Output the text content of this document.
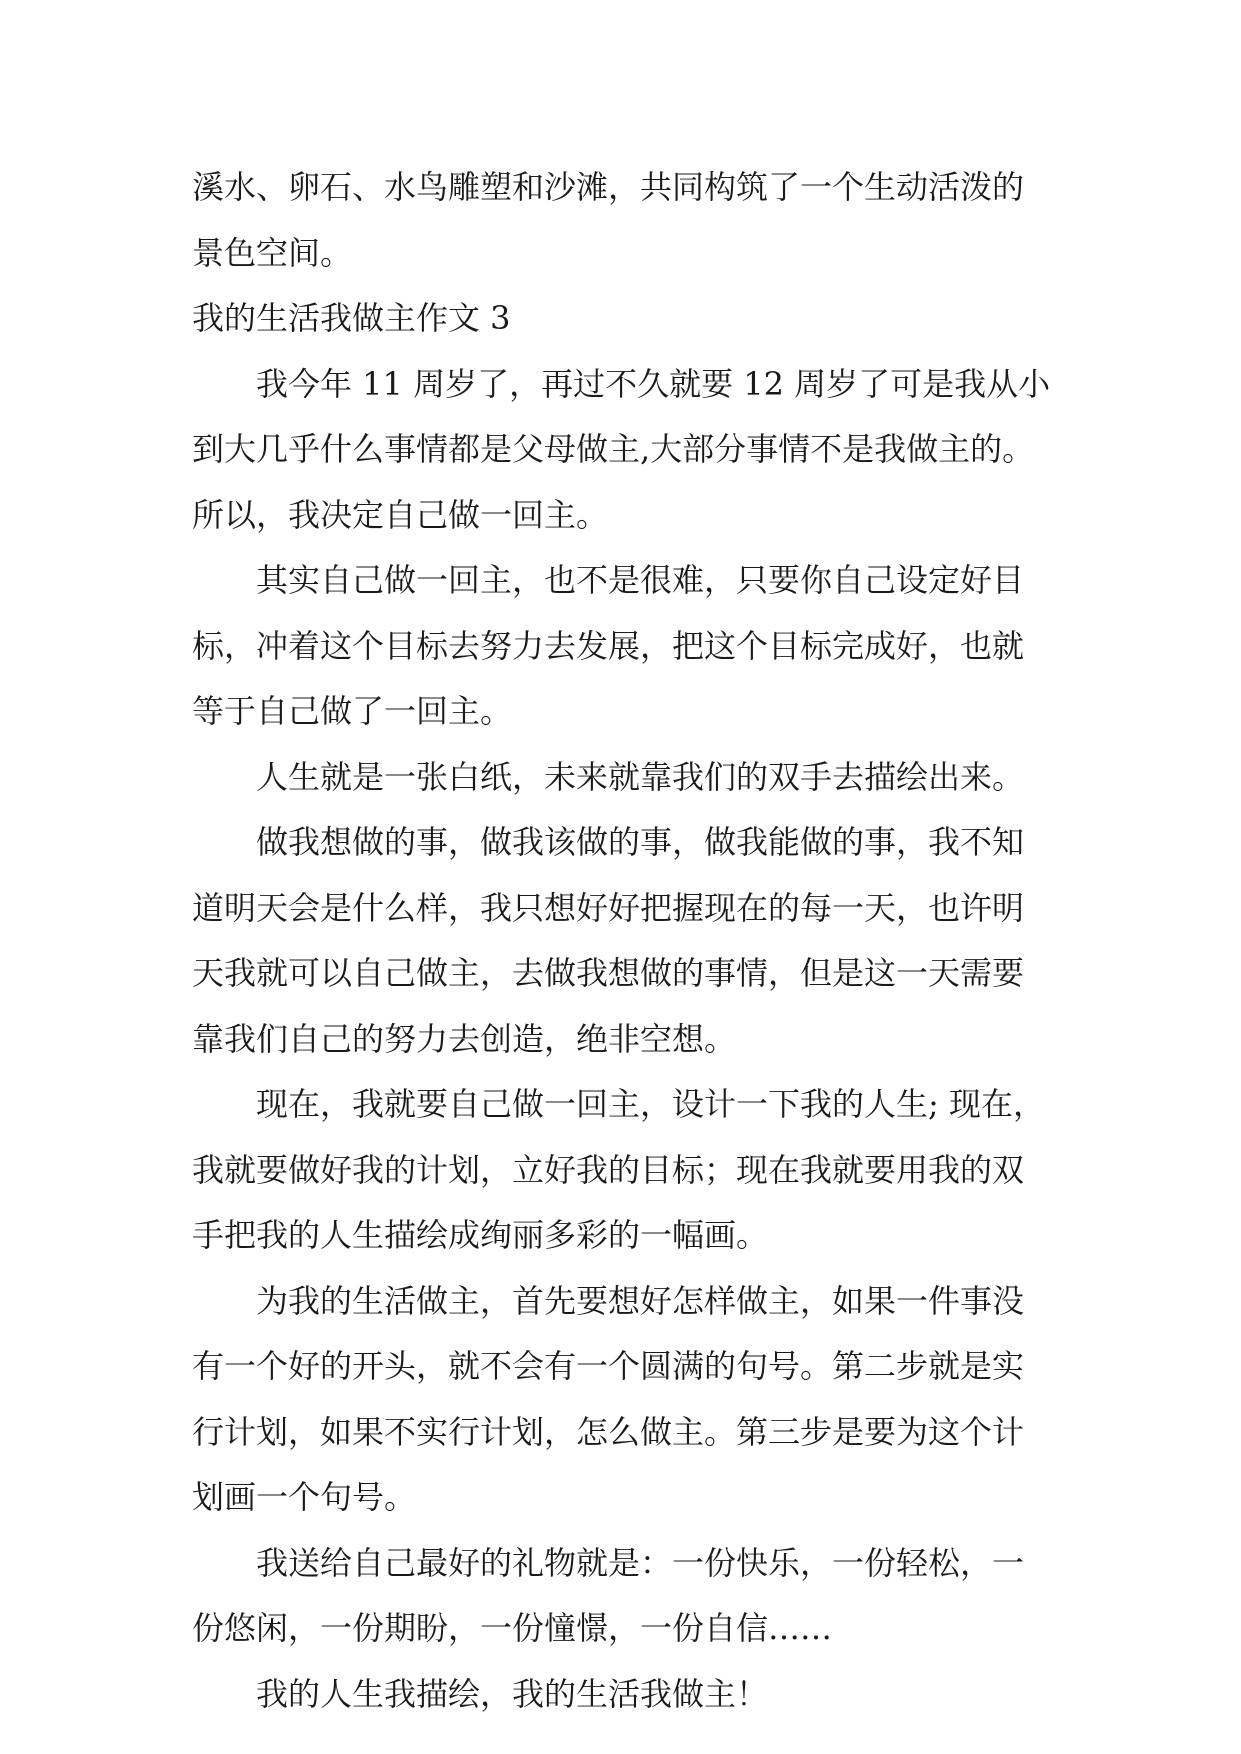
溪水、卵石、水鸟雕塑和沙滩，共同构筑了一个生动活泼的
景色空间。
我的生活我做主作文 3
我今年 11 周岁了，再过不久就要 12 周岁了可是我从小
到大几乎什么事情都是父母做主,大部分事情不是我做主的。
所以，我决定自己做一回主。
其实自己做一回主，也不是很难，只要你自己设定好目
标，冲着这个目标去努力去发展，把这个目标完成好，也就
等于自己做了一回主。
人生就是一张白纸，未来就靠我们的双手去描绘出来。
做我想做的事，做我该做的事，做我能做的事，我不知
道明天会是什么样，我只想好好把握现在的每一天，也许明
天我就可以自己做主，去做我想做的事情，但是这一天需要
靠我们自己的努力去创造，绝非空想。
现在，我就要自己做一回主，设计一下我的人生; 现在，
我就要做好我的计划，立好我的目标；现在我就要用我的双
手把我的人生描绘成绚丽多彩的一幅画。
为我的生活做主，首先要想好怎样做主，如果一件事没
有一个好的开头，就不会有一个圆满的句号。第二步就是实
行计划，如果不实行计划，怎么做主。第三步是要为这个计
划画一个句号。
我送给自己最好的礼物就是：一份快乐，一份轻松，一
份悠闲，一份期盼，一份憧憬，一份自信……
我的人生我描绘，我的生活我做主！
